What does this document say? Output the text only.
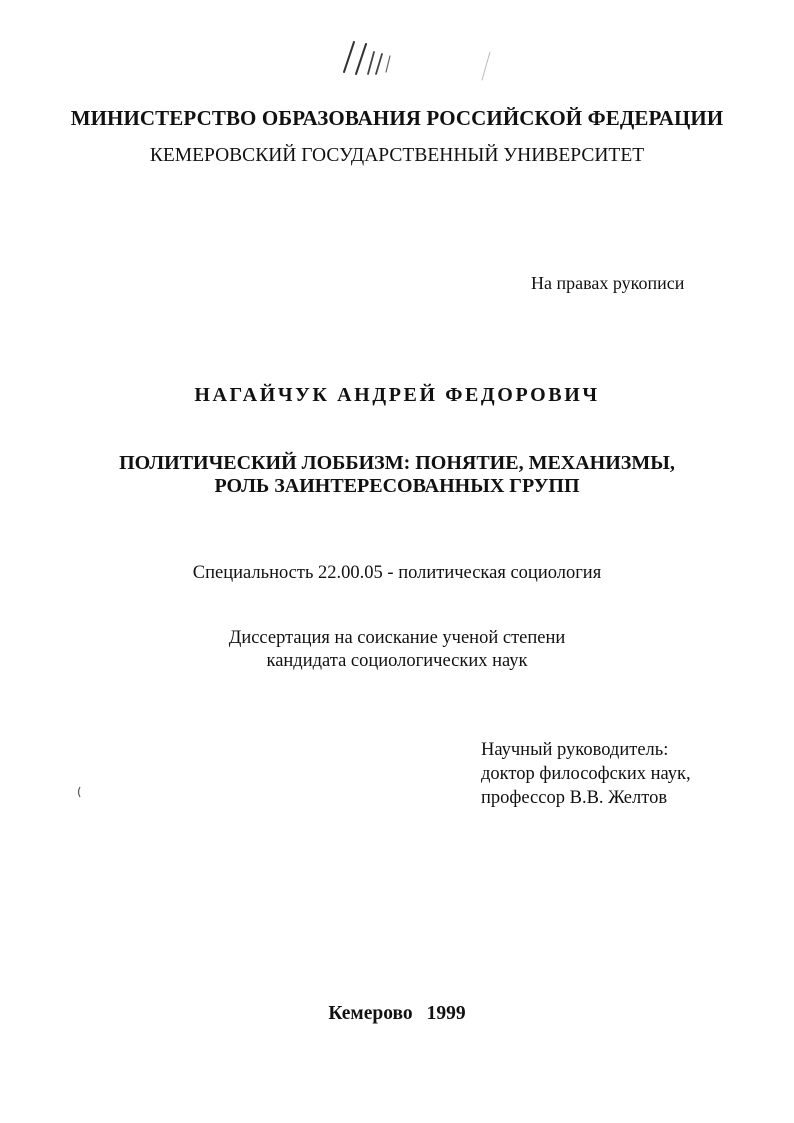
МИНИСТЕРСТВО ОБРАЗОВАНИЯ РОССИЙСКОЙ ФЕДЕРАЦИИ
КЕМЕРОВСКИЙ ГОСУДАРСТВЕННЫЙ УНИВЕРСИТЕТ
На правах рукописи
НАГАЙЧУК АНДРЕЙ ФЕДОРОВИЧ
ПОЛИТИЧЕСКИЙ ЛОББИЗМ: ПОНЯТИЕ, МЕХАНИЗМЫ,
РОЛЬ ЗАИНТЕРЕСОВАННЫХ ГРУПП
Специальность 22.00.05 - политическая социология
Диссертация на соискание ученой степени
кандидата социологических наук
Научный руководитель:
доктор философских наук,
профессор В.В. Желтов
Кемерово 1999
